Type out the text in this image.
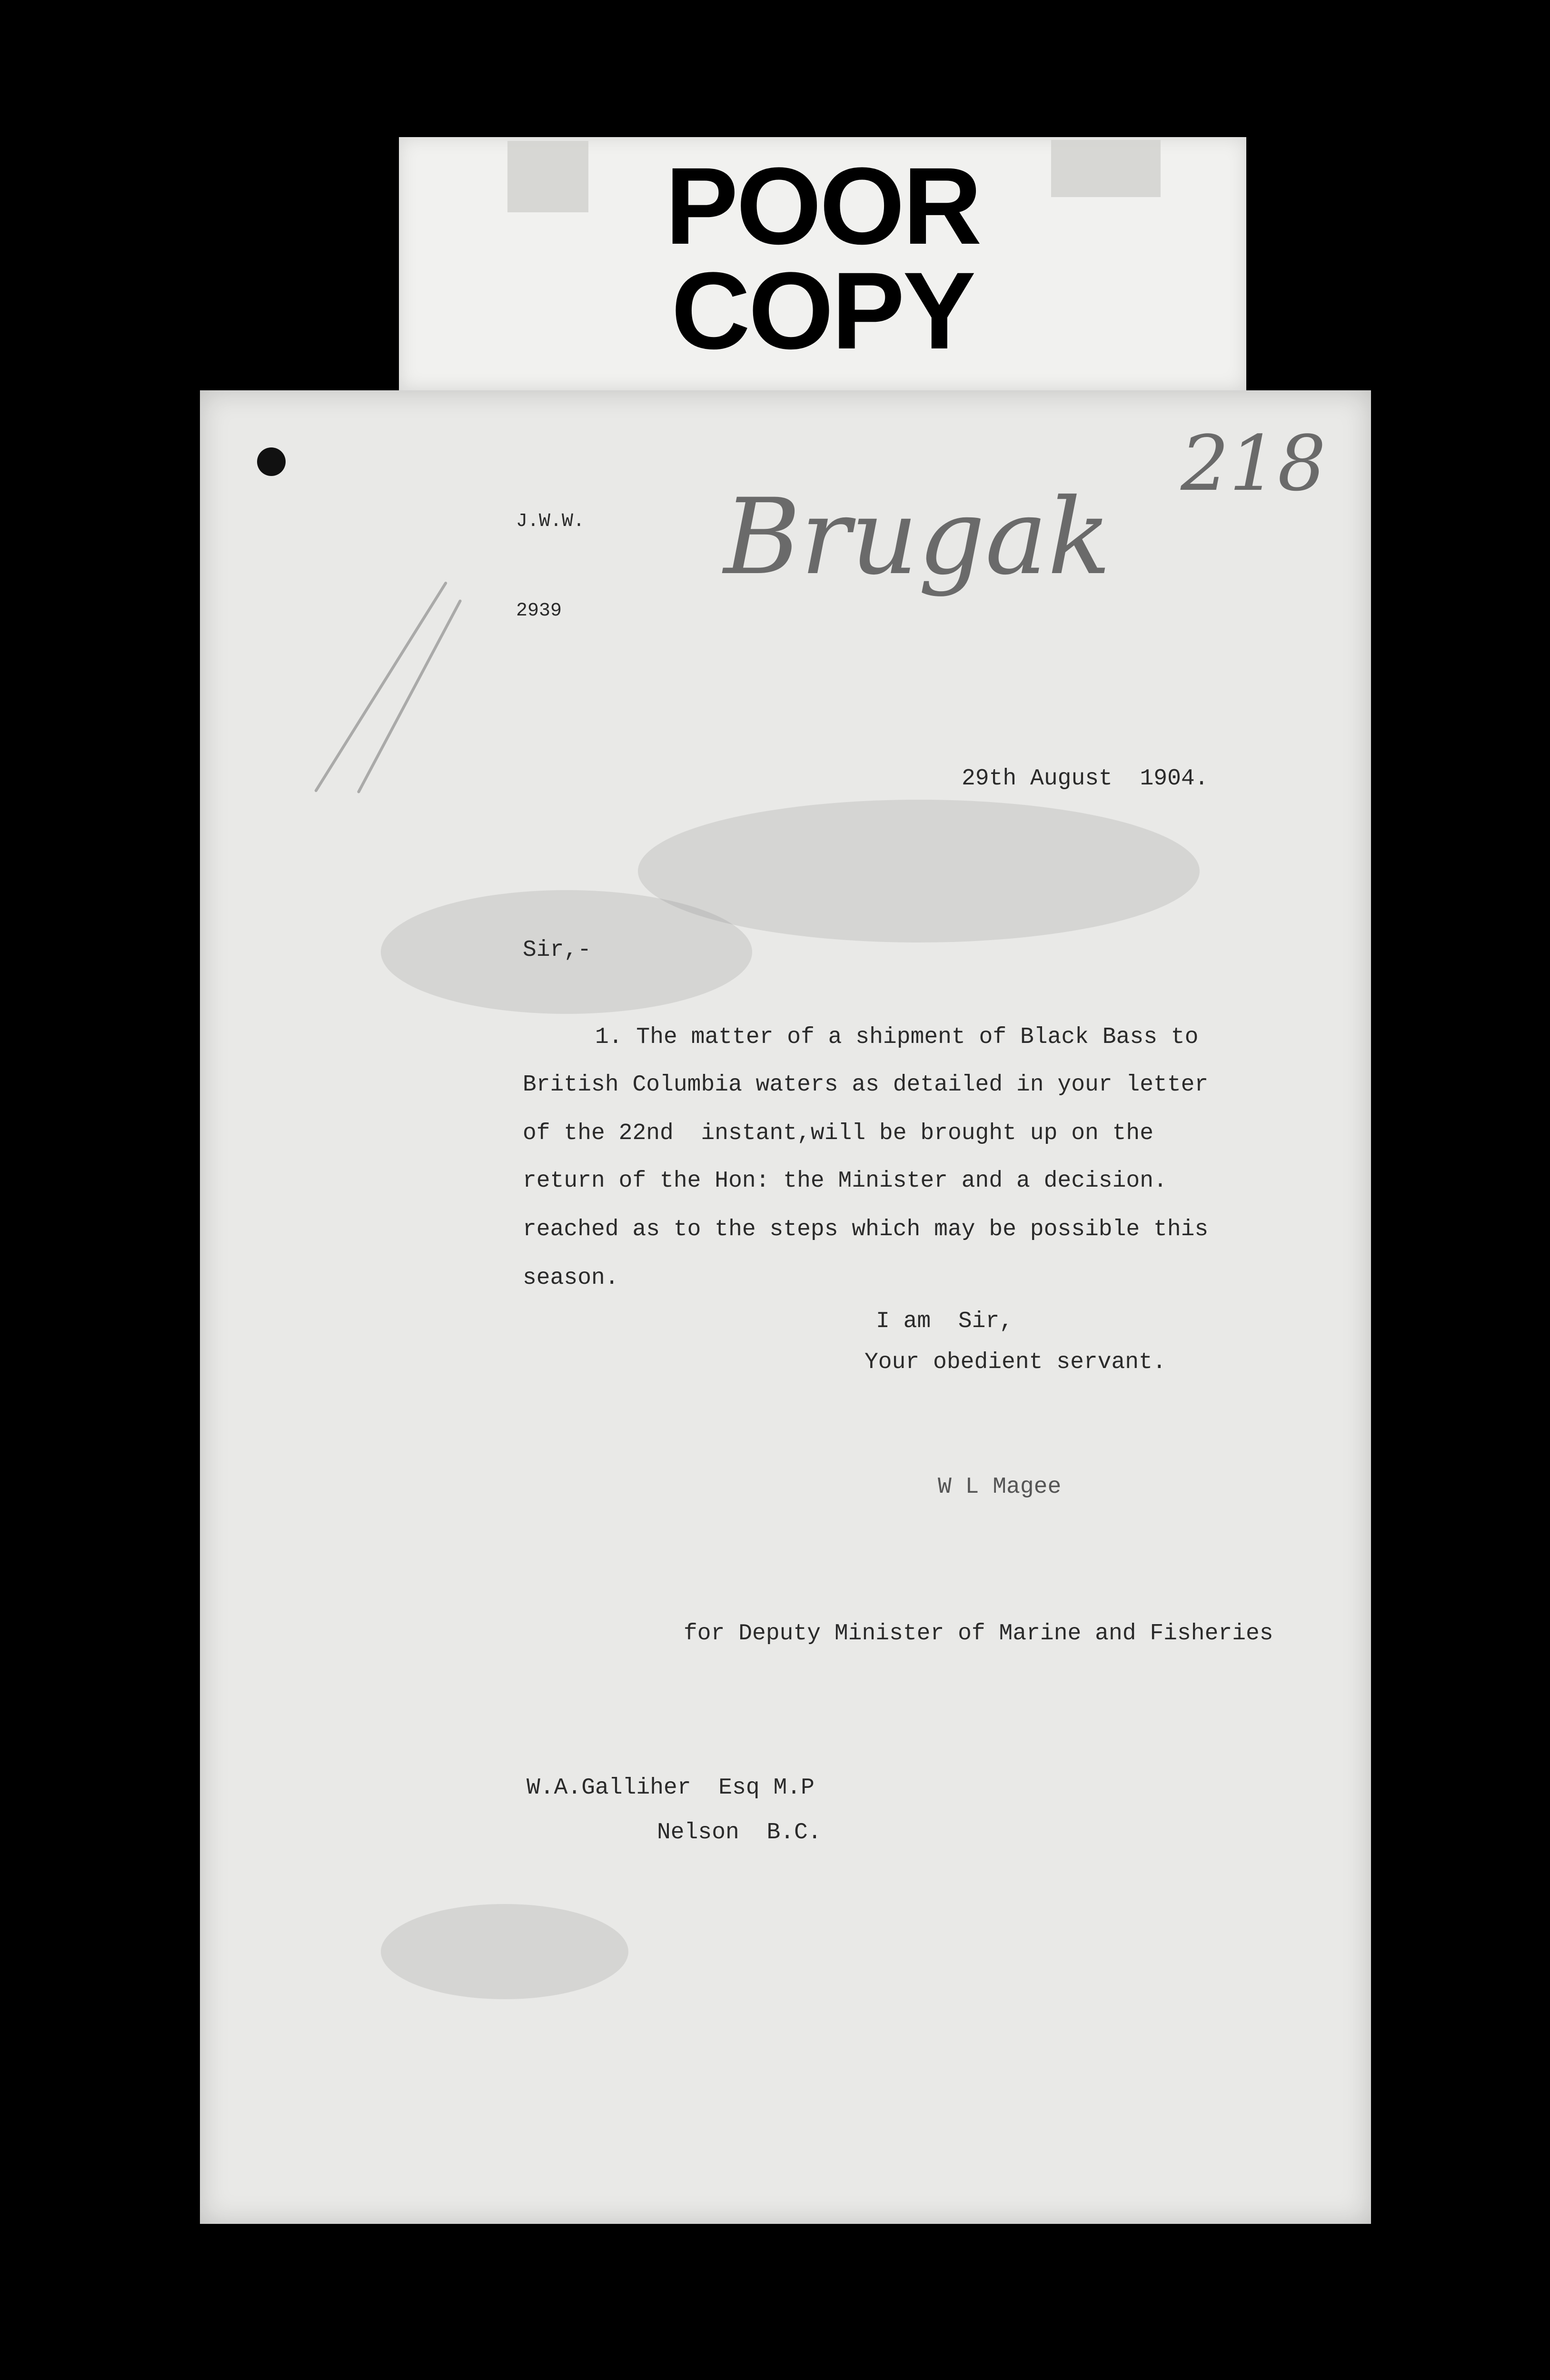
POOR
COPY
J.W.W.
2939
Brugak
218
29th August  1904.
Sir,-
1. The matter of a shipment of Black Bass to
British Columbia waters as detailed in your letter
of the 22nd  instant,will be brought up on the
return of the Hon: the Minister and a decision.
reached as to the steps which may be possible this
season.
I am  Sir,
Your obedient servant.
W L Magee
for Deputy Minister of Marine and Fisheries
W.A.Galliher  Esq M.P
Nelson  B.C.
